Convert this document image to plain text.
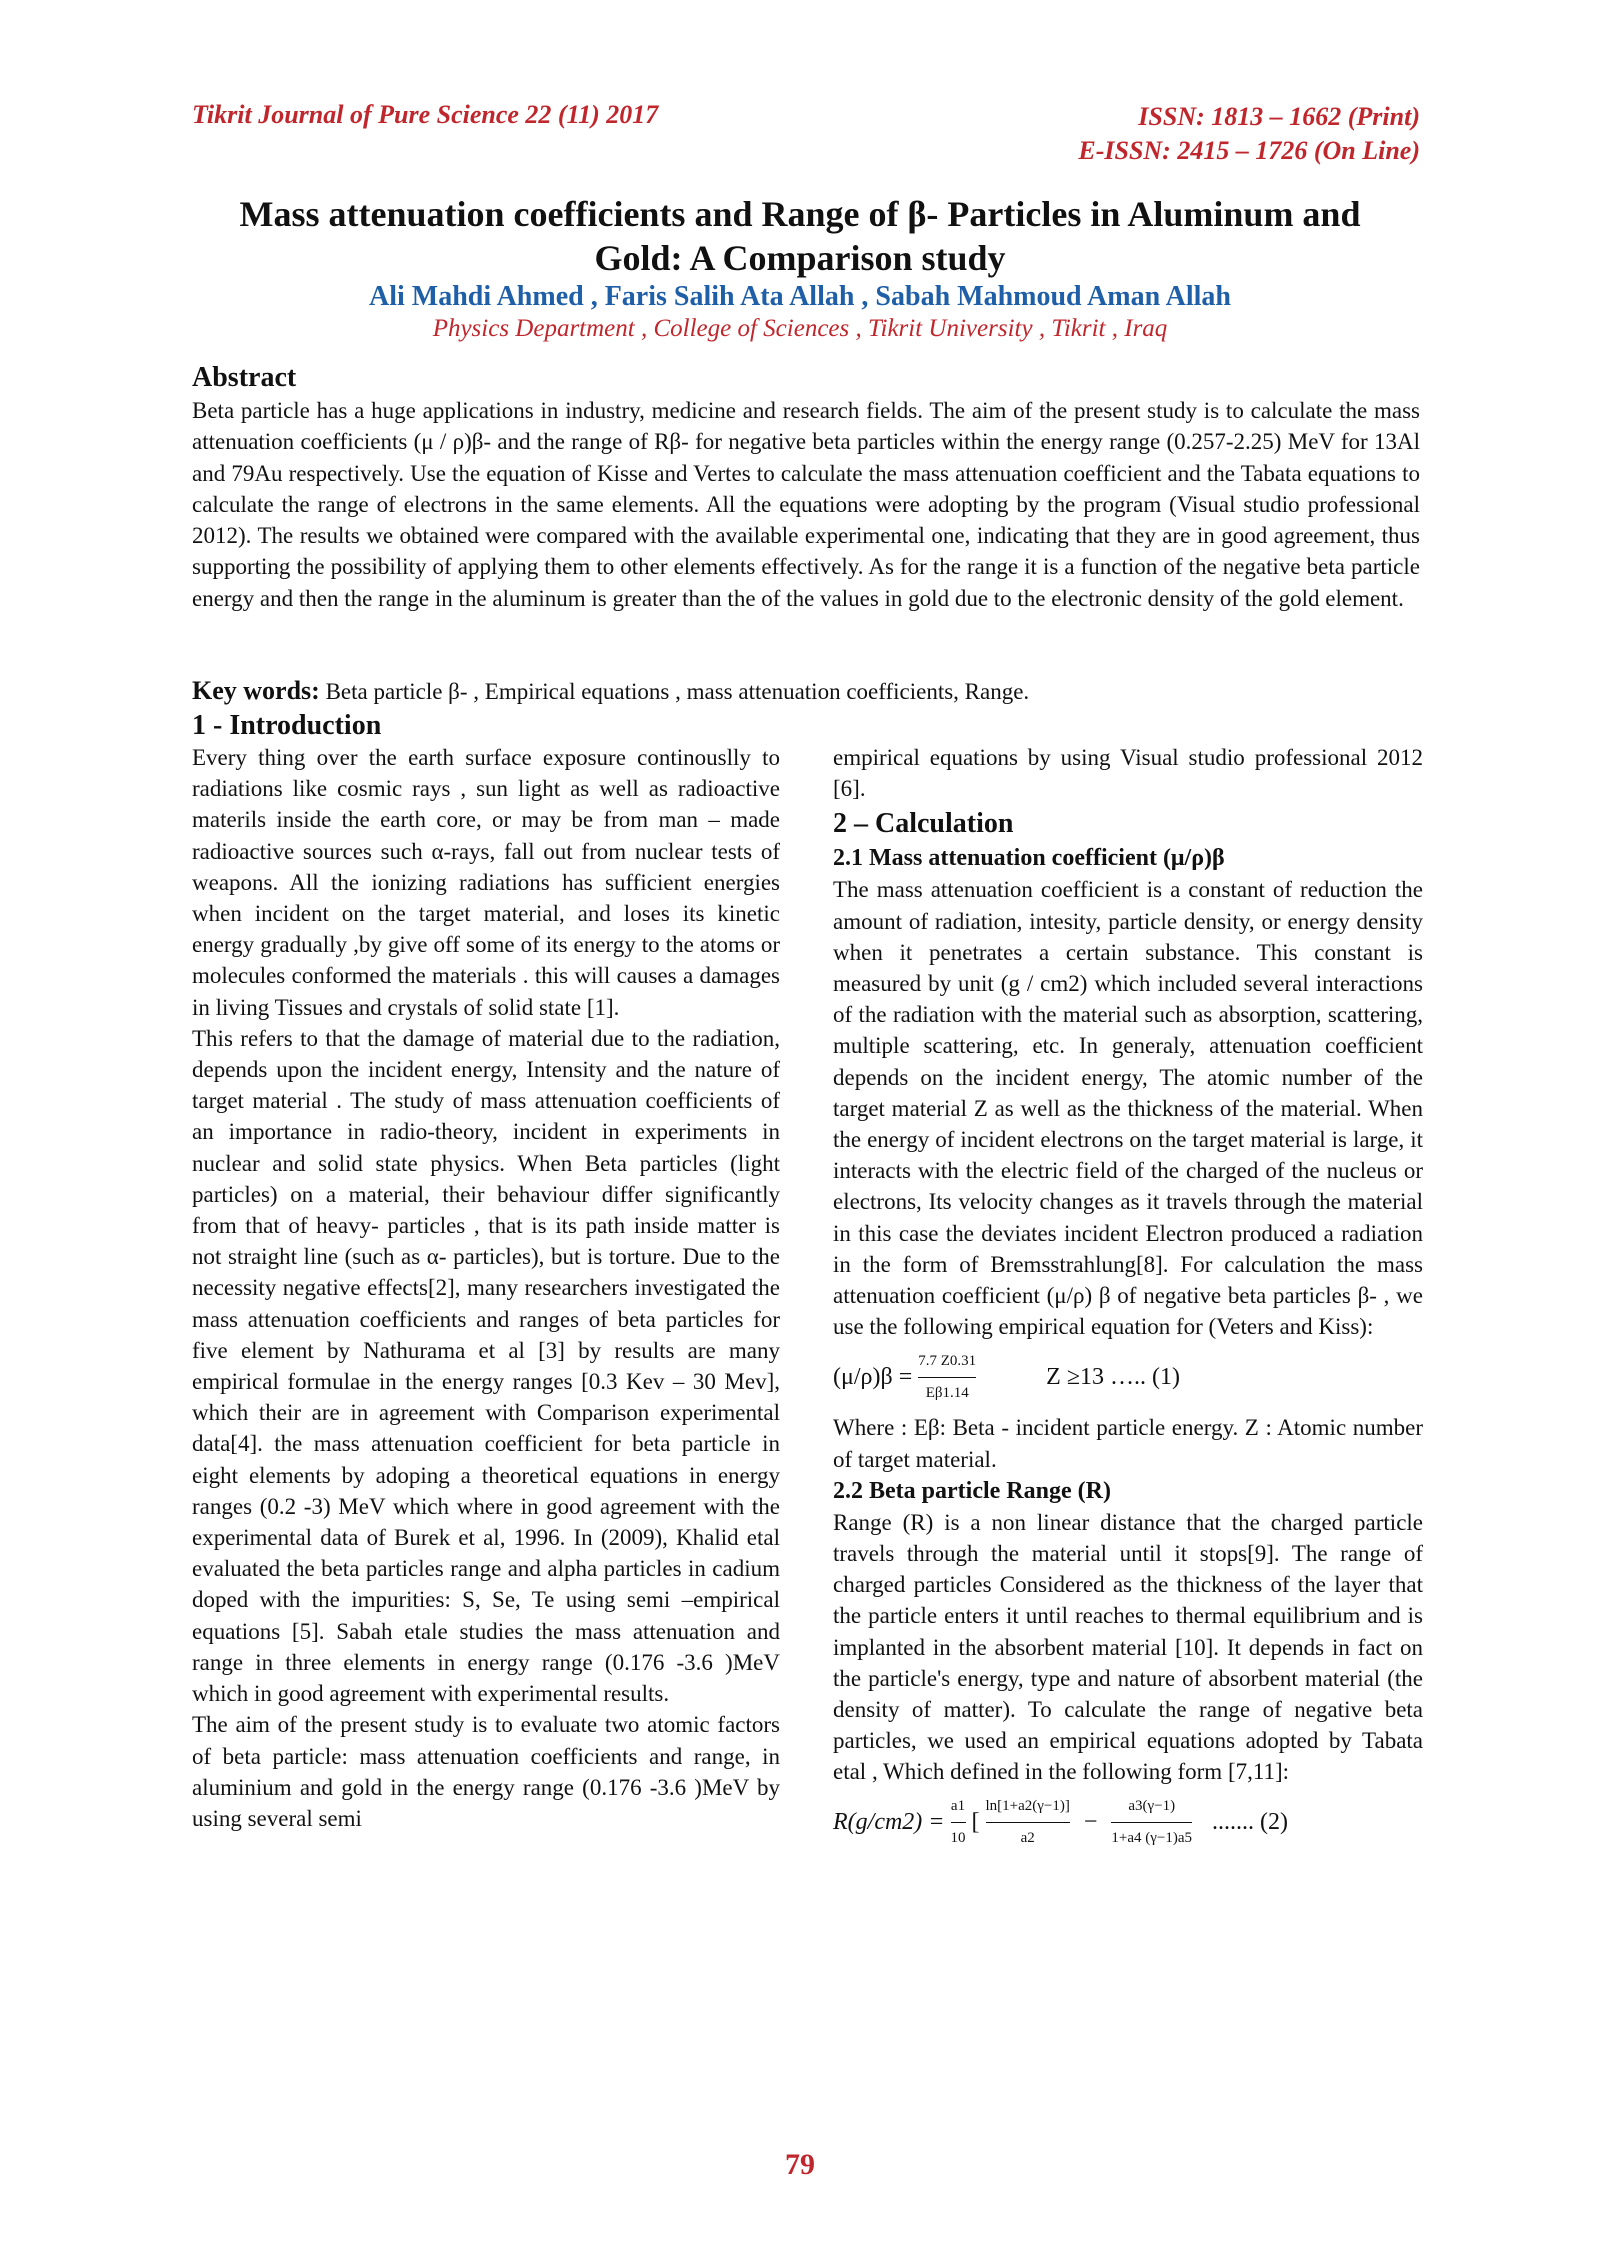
Tikrit Journal of Pure Science 22 (11) 2017	ISSN: 1813 – 1662 (Print)
E-ISSN: 2415 – 1726 (On Line)
Mass attenuation coefficients and Range of β- Particles in Aluminum and
Gold: A Comparison study
Ali Mahdi Ahmed , Faris Salih Ata Allah , Sabah Mahmoud Aman Allah
Physics Department , College of Sciences , Tikrit University , Tikrit , Iraq
Abstract
Beta particle has a huge applications in industry, medicine and research fields. The aim of the present study is to calculate the mass attenuation coefficients (μ / ρ)β- and the range of Rβ- for negative beta particles within the energy range (0.257-2.25) MeV for 13Al and 79Au respectively. Use the equation of Kisse and Vertes to calculate the mass attenuation coefficient and the Tabata equations to calculate the range of electrons in the same elements. All the equations were adopting by the program (Visual studio professional 2012). The results we obtained were compared with the available experimental one, indicating that they are in good agreement, thus supporting the possibility of applying them to other elements effectively. As for the range it is a function of the negative beta particle energy and then the range in the aluminum is greater than the of the values in gold due to the electronic density of the gold element.
Key words: Beta particle β- , Empirical equations , mass attenuation coefficients, Range.
1 - Introduction

Every thing over the earth surface exposure continouslly to radiations like cosmic rays , sun light as well as radioactive materils inside the earth core, or may be from man – made radioactive sources such α-rays, fall out from nuclear tests of weapons. All the ionizing radiations has sufficient energies when incident on the target material, and loses its kinetic energy gradually ,by give off some of its energy to the atoms or molecules conformed the materials . this will causes a damages in living Tissues and crystals of solid state [1].

This refers to that the damage of material due to the radiation, depends upon the incident energy, Intensity and the nature of target material . The study of mass attenuation coefficients of an importance in radio-theory, incident in experiments in nuclear and solid state physics. When Beta particles (light particles) on a material, their behaviour differ significantly from that of heavy- particles , that is its path inside matter is not straight line (such as α- particles), but is torture. Due to the necessity negative effects[2], many researchers investigated the mass attenuation coefficients and ranges of beta particles for five element by Nathurama et al [3] by results are many empirical formulae in the energy ranges [0.3 Kev – 30 Mev], which their are in agreement with Comparison experimental data[4]. the mass attenuation coefficient for beta particle in eight elements by adoping a theoretical equations in energy ranges (0.2 -3) MeV which where in good agreement with the experimental data of Burek et al, 1996. In (2009), Khalid etal evaluated the beta particles range and alpha particles in cadium doped with the impurities: S, Se, Te using semi –empirical equations [5]. Sabah etale studies the mass attenuation and range in three elements in energy range (0.176 -3.6 )MeV which in good agreement with experimental results.

The aim of the present study is to evaluate two atomic factors of beta particle: mass attenuation coefficients and range, in aluminium and gold in the energy range (0.176 -3.6 )MeV by using several semi

empirical equations by using Visual studio professional 2012 [6].

2 – Calculation
2.1 Mass attenuation coefficient (μ/ρ)β

The mass attenuation coefficient is a constant of reduction the amount of radiation, intesity, particle density, or energy density when it penetrates a certain substance. This constant is measured by unit (g / cm2) which included several interactions of the radiation with the material such as absorption, scattering, multiple scattering, etc. In generaly, attenuation coefficient depends on the incident energy, The atomic number of the target material Z as well as the thickness of the material. When the energy of incident electrons on the target material is large, it interacts with the electric field of the charged of the nucleus or electrons, Its velocity changes as it travels through the material in this case the deviates incident Electron produced a radiation in the form of Bremsstrahlung[8]. For calculation the mass attenuation coefficient (μ/ρ) β of negative beta particles β- , we use the following empirical equation for (Veters and Kiss):

$(\mu/\rho)\beta = \frac{7.7 Z0.31}{E\beta 1.14}$	Z ≥13 ….. (1)

Where : Eβ: Beta - incident particle energy. Z : Atomic number of target material.

2.2 Beta particle Range (R)

Range (R) is a non linear distance that the charged particle travels through the material until it stops[9]. The range of charged particles Considered as the thickness of the layer that the particle enters it until reaches to thermal equilibrium and is implanted in the absorbent material [10]. It depends in fact on the particle's energy, type and nature of absorbent material (the density of matter). To calculate the range of negative beta particles, we used an empirical equations adopted by Tabata etal , Which defined in the following form [7,11]:

$R(g/cm2) = \frac{a1}{10}$ [ $\frac{\ln[1+a2(\gamma-1)]}{a2} - \frac{a3(\gamma-1)}{1+a4 (\gamma-1)a5}$ ....... (2)
79
